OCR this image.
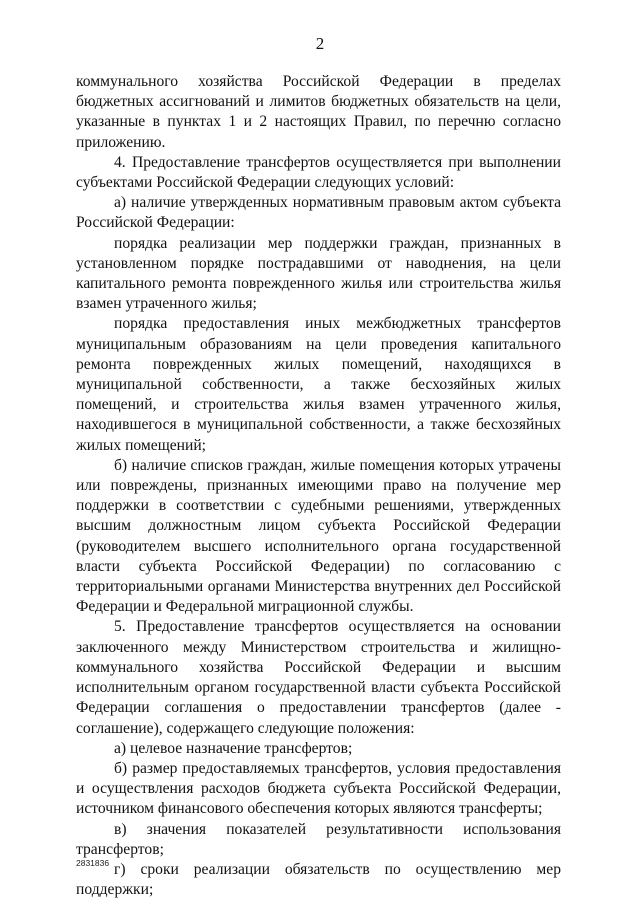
2

коммунального хозяйства Российской Федерации в пределах бюджетных ассигнований и лимитов бюджетных обязательств на цели, указанные в пунктах 1 и 2 настоящих Правил, по перечню согласно приложению.

4. Предоставление трансфертов осуществляется при выполнении субъектами Российской Федерации следующих условий:

а) наличие утвержденных нормативным правовым актом субъекта Российской Федерации:

порядка реализации мер поддержки граждан, признанных в установленном порядке пострадавшими от наводнения, на цели капитального ремонта поврежденного жилья или строительства жилья взамен утраченного жилья;

порядка предоставления иных межбюджетных трансфертов муниципальным образованиям на цели проведения капитального ремонта поврежденных жилых помещений, находящихся в муниципальной собственности, а также бесхозяйных жилых помещений, и строительства жилья взамен утраченного жилья, находившегося в муниципальной собственности, а также бесхозяйных жилых помещений;

б) наличие списков граждан, жилые помещения которых утрачены или повреждены, признанных имеющими право на получение мер поддержки в соответствии с судебными решениями, утвержденных высшим должностным лицом субъекта Российской Федерации (руководителем высшего исполнительного органа государственной власти субъекта Российской Федерации) по согласованию с территориальными органами Министерства внутренних дел Российской Федерации и Федеральной миграционной службы.

5. Предоставление трансфертов осуществляется на основании заключенного между Министерством строительства и жилищно-коммунального хозяйства Российской Федерации и высшим исполнительным органом государственной власти субъекта Российской Федерации соглашения о предоставлении трансфертов (далее - соглашение), содержащего следующие положения:

а) целевое назначение трансфертов;

б) размер предоставляемых трансфертов, условия предоставления и осуществления расходов бюджета субъекта Российской Федерации, источником финансового обеспечения которых являются трансферты;

в) значения показателей результативности использования трансфертов;

г) сроки реализации обязательств по осуществлению мер поддержки;

2831836
